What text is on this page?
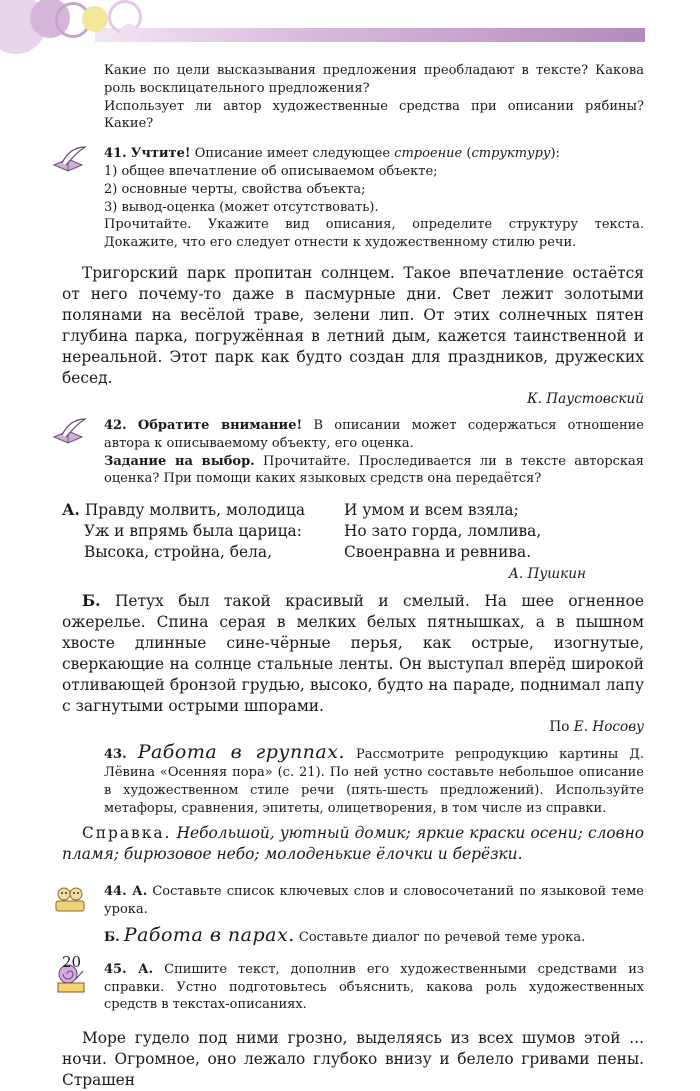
Какие по цели высказывания предложения преобладают в тексте? Какова роль восклицательного предложения?

Использует ли автор художественные средства при описании рябины? Какие?

41. Учтите! Описание имеет следующее строение (структуру):

1) общее впечатление об описываемом объекте;

2) основные черты, свойства объекта;

3) вывод-оценка (может отсутствовать).

Прочитайте. Укажите вид описания, определите структуру текста. Докажите, что его следует отнести к художественному стилю речи.

Тригорский парк пропитан солнцем. Такое впечатление остаётся от него почему-то даже в пасмурные дни. Свет лежит золотыми полянами на весёлой траве, зелени лип. От этих солнечных пятен глубина парка, погружённая в летний дым, кажется таинственной и нереальной. Этот парк как будто создан для праздников, дружеских бесед.

К. Паустовский

42. Обратите внимание! В описании может содержаться отношение автора к описываемому объекту, его оценка.

Задание на выбор. Прочитайте. Проследивается ли в тексте авторская оценка? При помощи каких языковых средств она передаётся?

А. Правду молвить, молодица

Уж и впрямь была царица:

Высока, стройна, бела,

И умом и всем взяла;

Но зато горда, ломлива,

Своенравна и ревнива.

А. Пушкин

Б. Петух был такой красивый и смелый. На шее огненное ожерелье. Спина серая в мелких белых пятнышках, а в пышном хвосте длинные сине-чёрные перья, как острые, изогнутые, сверкающие на солнце стальные ленты. Он выступал вперёд широкой отливающей бронзой грудью, высоко, будто на параде, поднимал лапу с загнутыми острыми шпорами.

По Е. Носову

43. Работа в группах. Рассмотрите репродукцию картины Д. Лёвина «Осенняя пора» (с. 21). По ней устно составьте небольшое описание в художественном стиле речи (пять-шесть предложений). Используйте метафоры, сравнения, эпитеты, олицетворения, в том числе из справки.

Справка. Небольшой, уютный домик; яркие краски осени; словно пламя; бирюзовое небо; молоденькие ёлочки и берёзки.

44. А. Составьте список ключевых слов и словосочетаний по языковой теме урока.

Б. Работа в парах. Составьте диалог по речевой теме урока.

45. А. Спишите текст, дополнив его художественными средствами из справки. Устно подготовьтесь объяснить, какова роль художественных средств в текстах-описаниях.

Море гудело под ними грозно, выделяясь из всех шумов этой ... ночи. Огромное, оно лежало глубоко внизу и белело гривами пены. Страшен

20
